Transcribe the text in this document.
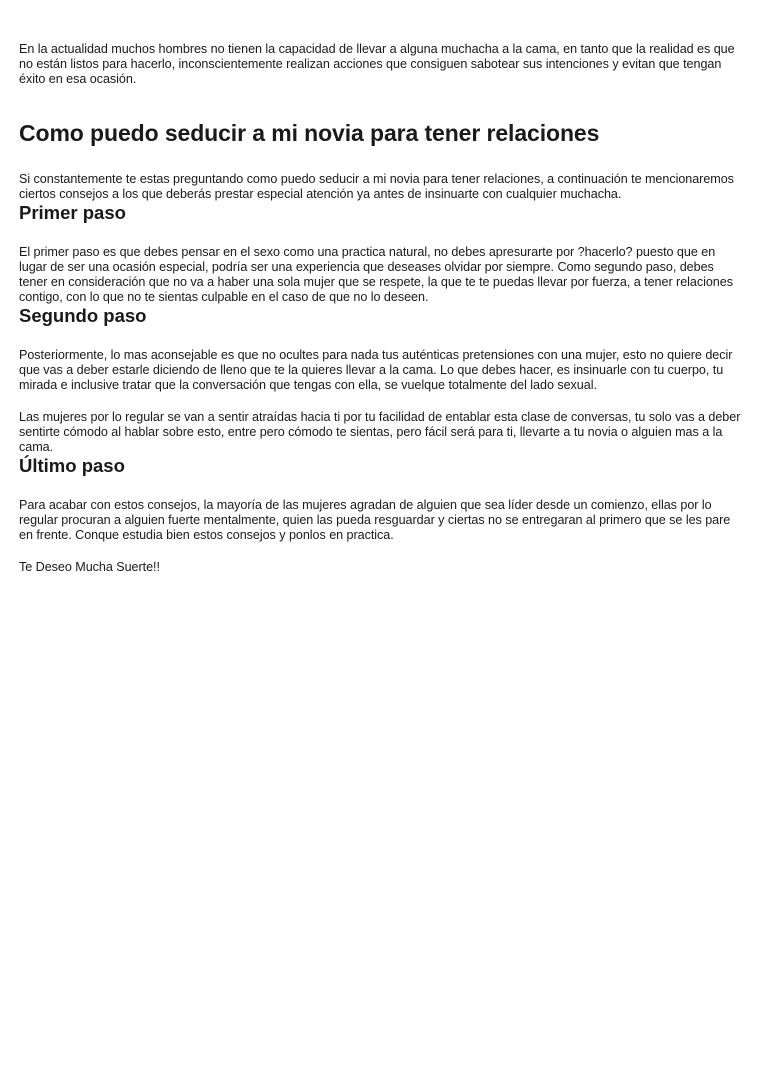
En la actualidad muchos hombres no tienen la capacidad de llevar a alguna muchacha a la cama, en tanto que la realidad es que no están listos para hacerlo, inconscientemente realizan acciones que consiguen sabotear sus intenciones y evitan que tengan éxito en esa ocasión.

Como puedo seducir a mi novia para tener relaciones

Si constantemente te estas preguntando como puedo seducir a mi novia para tener relaciones, a continuación te mencionaremos ciertos consejos a los que deberás prestar especial atención ya antes de insinuarte con cualquier muchacha.

Primer paso

El primer paso es que debes pensar en el sexo como una practica natural, no debes apresurarte por ?hacerlo? puesto que en lugar de ser una ocasión especial, podría ser una experiencia que deseases olvidar por siempre. Como segundo paso, debes tener en consideración que no va a haber una sola mujer que se respete, la que te te puedas llevar por fuerza, a tener relaciones contigo, con lo que no te sientas culpable en el caso de que no lo deseen.

Segundo paso

Posteriormente, lo mas aconsejable es que no ocultes para nada tus auténticas pretensiones con una mujer, esto no quiere decir que vas a deber estarle diciendo de lleno que te la quieres llevar a la cama. Lo que debes hacer, es insinuarle con tu cuerpo, tu mirada e inclusive tratar que la conversación que tengas con ella, se vuelque totalmente del lado sexual.

Las mujeres por lo regular se van a sentir atraídas hacia ti por tu facilidad de entablar esta clase de conversas, tu solo vas a deber sentirte cómodo al hablar sobre esto, entre pero cómodo te sientas, pero fácil será para ti, llevarte a tu novia o alguien mas a la cama.

Último paso

Para acabar con estos consejos, la mayoría de las mujeres agradan de alguien que sea líder desde un comienzo, ellas por lo regular procuran a alguien fuerte mentalmente, quien las pueda resguardar y ciertas no se entregaran al primero que se les pare en frente. Conque estudia bien estos consejos y ponlos en practica.

Te Deseo Mucha Suerte!!
